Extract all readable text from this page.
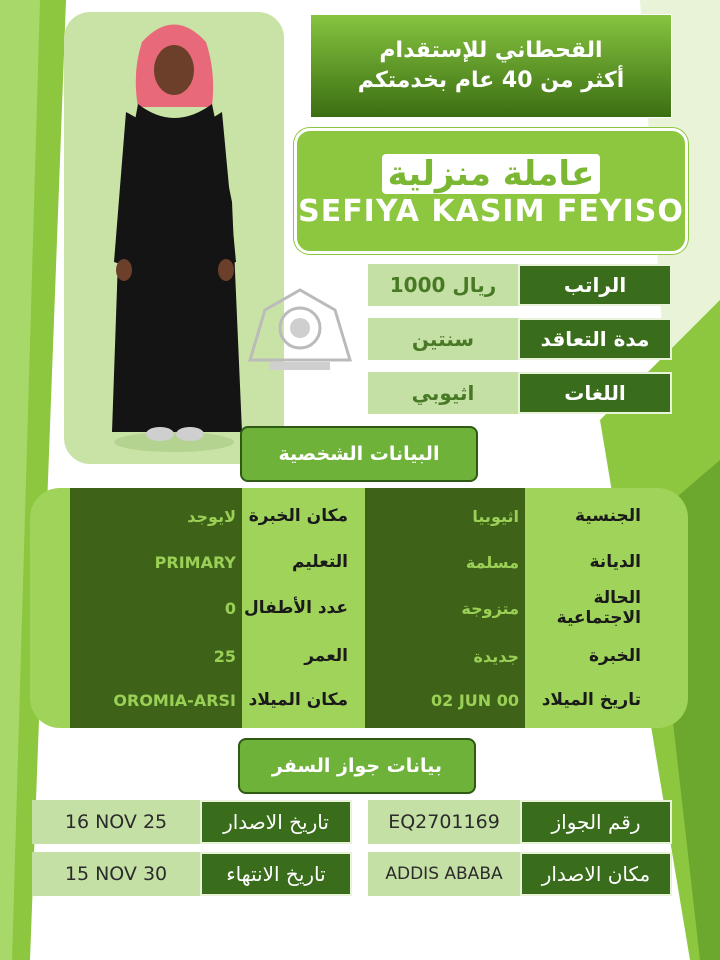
القحطاني للإستقدام
أكثر من 40 عام بخدمتكم
عاملة منزلية
SEFIYA KASIM FEYISO
1000 ريال	الراتب
سنتين	مدة التعاقد
اثيوبي	اللغات
البيانات الشخصية
اثيوبيا	الجنسية
مسلمة	الديانة
متزوجة	الحالة الاجتماعية
جديدة	الخبرة
02 JUN 00	تاريخ الميلاد
لايوجد مكان الخبرة
PRIMARY	التعليم
0 عدد الأطفال
25	العمر
OROMIA-ARSI مكان الميلاد
بيانات جواز السفر
EQ2701169	رقم الجواز
16 NOV 25	تاريخ الاصدار
ADDIS ABABA	مكان الاصدار
15 NOV 30	تاريخ الانتهاء
